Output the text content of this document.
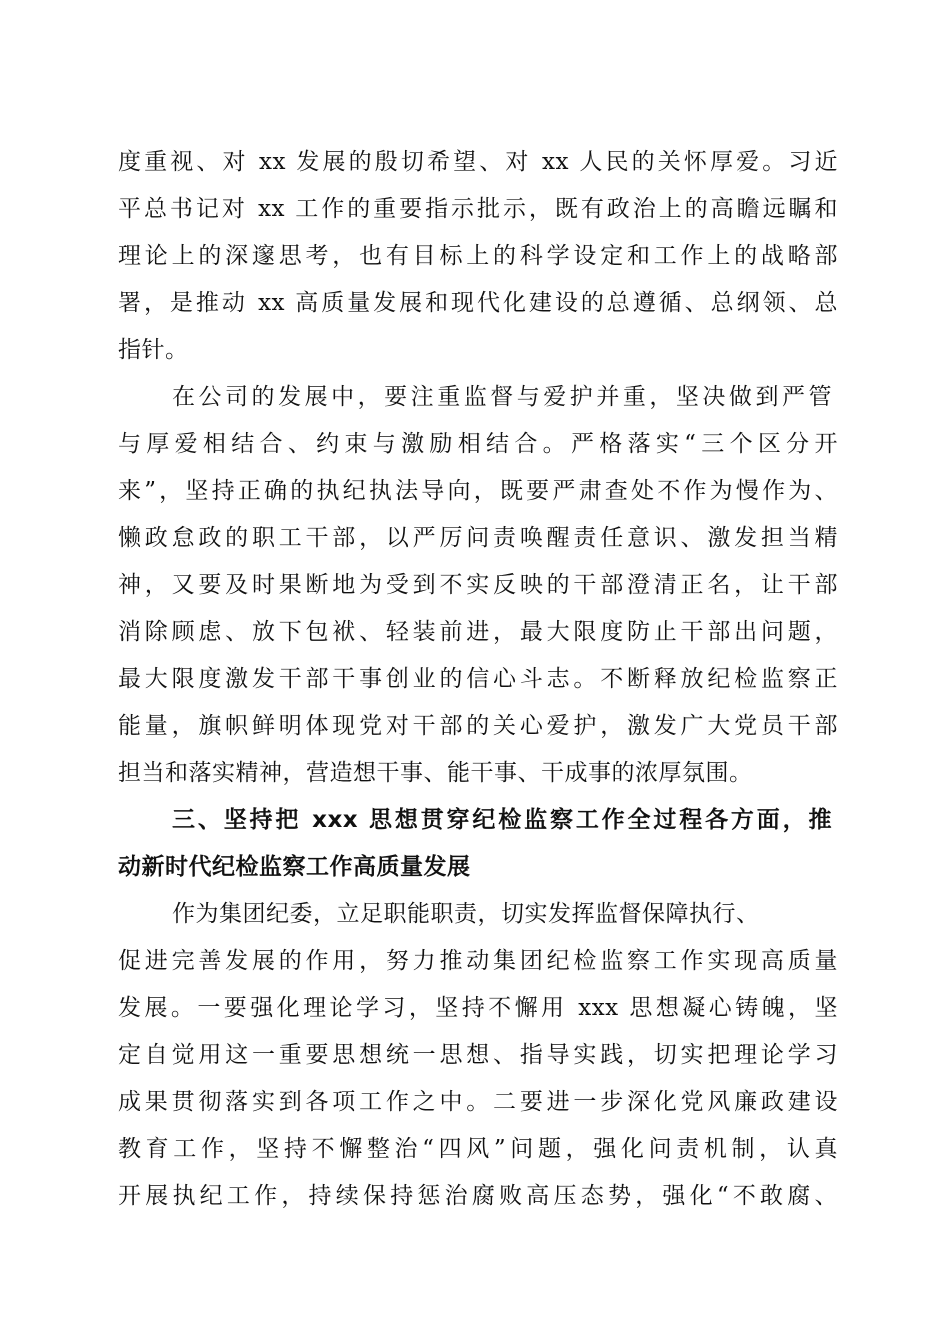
度重视、对 xx 发展的殷切希望、对 xx 人民的关怀厚爱。习近
平总书记对 xx 工作的重要指示批示，既有政治上的高瞻远瞩和
理论上的深邃思考，也有目标上的科学设定和工作上的战略部
署，是推动 xx 高质量发展和现代化建设的总遵循、总纲领、总
指针。
在公司的发展中，要注重监督与爱护并重，坚决做到严管
与厚爱相结合、约束与激励相结合。严格落实“三个区分开
来”，坚持正确的执纪执法导向，既要严肃查处不作为慢作为、
懒政怠政的职工干部，以严厉问责唤醒责任意识、激发担当精
神，又要及时果断地为受到不实反映的干部澄清正名，让干部
消除顾虑、放下包袱、轻装前进，最大限度防止干部出问题，
最大限度激发干部干事创业的信心斗志。不断释放纪检监察正
能量，旗帜鲜明体现党对干部的关心爱护，激发广大党员干部
担当和落实精神，营造想干事、能干事、干成事的浓厚氛围。
三、坚持把 xxx 思想贯穿纪检监察工作全过程各方面，推
动新时代纪检监察工作高质量发展
作为集团纪委，立足职能职责，切实发挥监督保障执行、
促进完善发展的作用，努力推动集团纪检监察工作实现高质量
发展。一要强化理论学习，坚持不懈用 xxx 思想凝心铸魄，坚
定自觉用这一重要思想统一思想、指导实践，切实把理论学习
成果贯彻落实到各项工作之中。二要进一步深化党风廉政建设
教育工作，坚持不懈整治“四风”问题，强化问责机制，认真
开展执纪工作，持续保持惩治腐败高压态势，强化“不敢腐、
